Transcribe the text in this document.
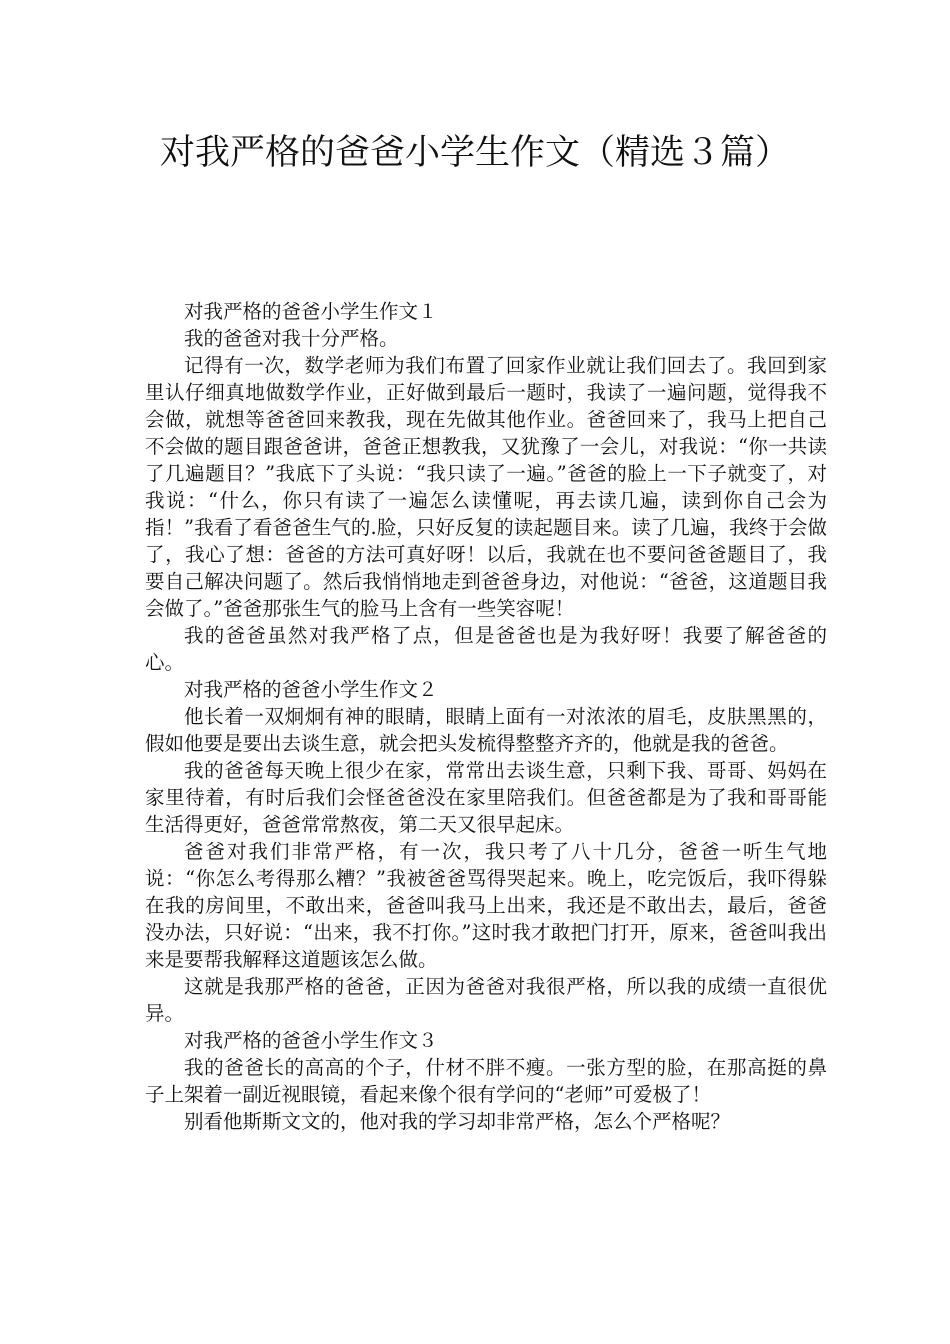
对我严格的爸爸小学生作文（精选３篇）

对我严格的爸爸小学生作文１

我的爸爸对我十分严格。

记得有一次，数学老师为我们布置了回家作业就让我们回去了。我回到家里认仔细真地做数学作业，正好做到最后一题时，我读了一遍问题，觉得我不会做，就想等爸爸回来教我，现在先做其他作业。爸爸回来了，我马上把自己不会做的题目跟爸爸讲，爸爸正想教我，又犹豫了一会儿，对我说：“你一共读了几遍题目？”我底下了头说：“我只读了一遍。”爸爸的脸上一下子就变了，对我说：“什么，你只有读了一遍怎么读懂呢，再去读几遍，读到你自己会为指！”我看了看爸爸生气的.脸，只好反复的读起题目来。读了几遍，我终于会做了，我心了想：爸爸的方法可真好呀！以后，我就在也不要问爸爸题目了，我要自己解决问题了。然后我悄悄地走到爸爸身边，对他说：“爸爸，这道题目我会做了。”爸爸那张生气的脸马上含有一些笑容呢！

我的爸爸虽然对我严格了点，但是爸爸也是为我好呀！我要了解爸爸的心。

对我严格的爸爸小学生作文２

他长着一双炯炯有神的眼睛，眼睛上面有一对浓浓的眉毛，皮肤黑黑的，假如他要是要出去谈生意，就会把头发梳得整整齐齐的，他就是我的爸爸。

我的爸爸每天晚上很少在家，常常出去谈生意，只剩下我、哥哥、妈妈在家里待着，有时后我们会怪爸爸没在家里陪我们。但爸爸都是为了我和哥哥能生活得更好，爸爸常常熬夜，第二天又很早起床。

爸爸对我们非常严格，有一次，我只考了八十几分，爸爸一听生气地说：“你怎么考得那么糟？”我被爸爸骂得哭起来。晚上，吃完饭后，我吓得躲在我的房间里，不敢出来，爸爸叫我马上出来，我还是不敢出去，最后，爸爸没办法，只好说：“出来，我不打你。”这时我才敢把门打开，原来，爸爸叫我出来是要帮我解释这道题该怎么做。

这就是我那严格的爸爸，正因为爸爸对我很严格，所以我的成绩一直很优异。

对我严格的爸爸小学生作文３

我的爸爸长的高高的个子，什材不胖不瘦。一张方型的脸，在那高挺的鼻子上架着一副近视眼镜，看起来像个很有学问的“老师”可爱极了！

别看他斯斯文文的，他对我的学习却非常严格，怎么个严格呢？
